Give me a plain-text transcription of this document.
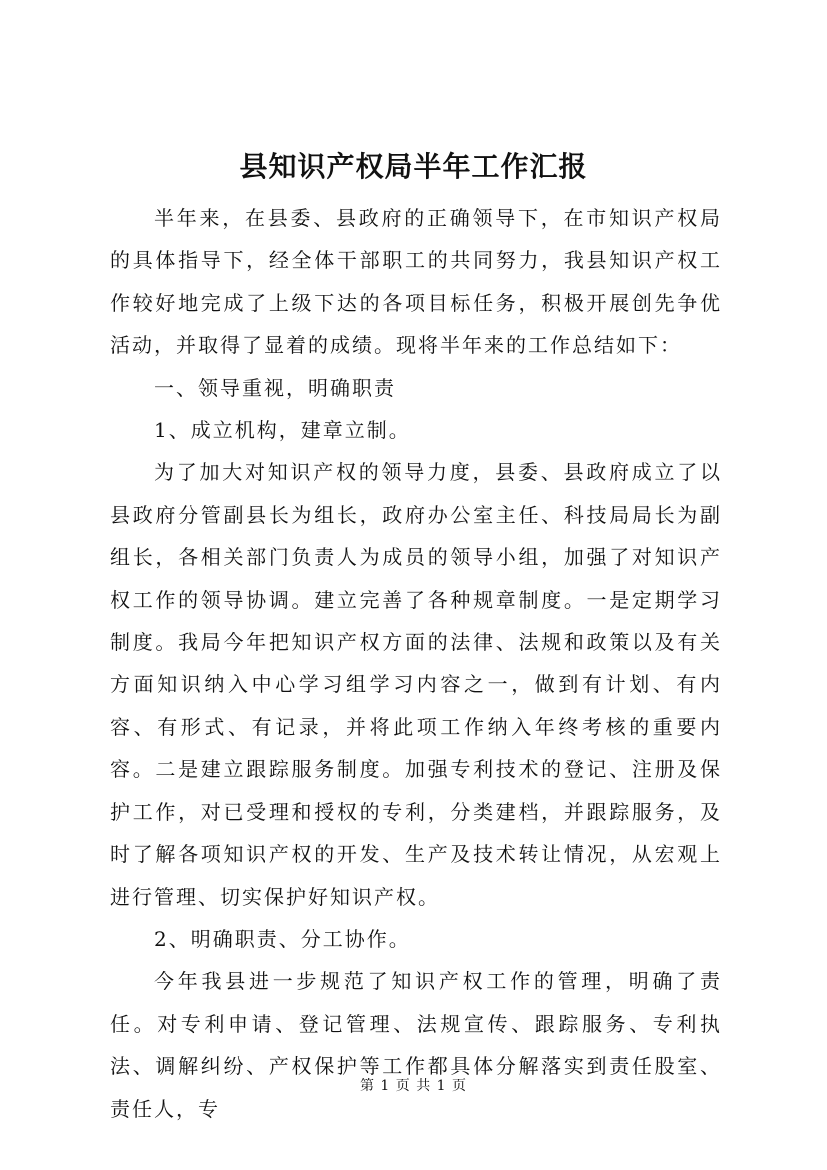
县知识产权局半年工作汇报

半年来，在县委、县政府的正确领导下，在市知识产权局的具体指导下，经全体干部职工的共同努力，我县知识产权工作较好地完成了上级下达的各项目标任务，积极开展创先争优活动，并取得了显着的成绩。现将半年来的工作总结如下：

一、领导重视，明确职责

1、成立机构，建章立制。

为了加大对知识产权的领导力度，县委、县政府成立了以县政府分管副县长为组长，政府办公室主任、科技局局长为副组长，各相关部门负责人为成员的领导小组，加强了对知识产权工作的领导协调。建立完善了各种规章制度。一是定期学习制度。我局今年把知识产权方面的法律、法规和政策以及有关方面知识纳入中心学习组学习内容之一，做到有计划、有内容、有形式、有记录，并将此项工作纳入年终考核的重要内容。二是建立跟踪服务制度。加强专利技术的登记、注册及保护工作，对已受理和授权的专利，分类建档，并跟踪服务，及时了解各项知识产权的开发、生产及技术转让情况，从宏观上进行管理、切实保护好知识产权。

2、明确职责、分工协作。

今年我县进一步规范了知识产权工作的管理，明确了责任。对专利申请、登记管理、法规宣传、跟踪服务、专利执法、调解纠纷、产权保护等工作都具体分解落实到责任股室、责任人，专

第 1 页 共 1 页
